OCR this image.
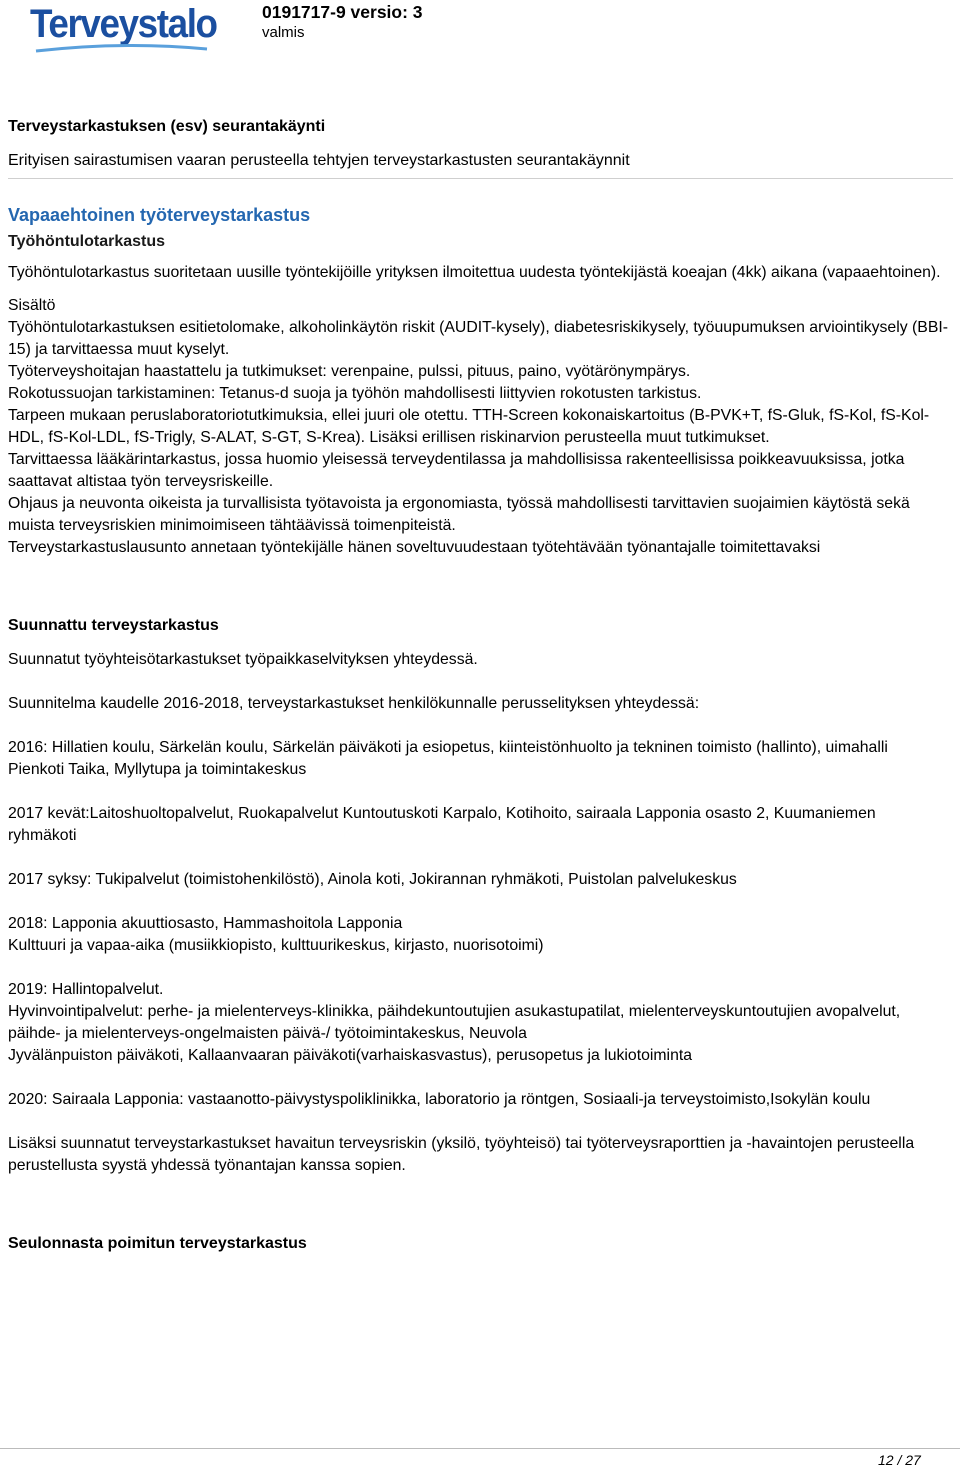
Terveystalo	0191717-9 versio: 3
valmis

Terveystarkastuksen (esv) seurantakäynti

Erityisen sairastumisen vaaran perusteella tehtyjen terveystarkastusten seurantakäynnit

Vapaaehtoinen työterveystarkastus

Työhöntulotarkastus

Työhöntulotarkastus suoritetaan uusille työntekijöille yrityksen ilmoitettua uudesta työntekijästä koeajan (4kk) aikana (vapaaehtoinen).

Sisältö

Työhöntulotarkastuksen esitietolomake, alkoholinkäytön riskit (AUDIT-kysely), diabetesriskikysely, työuupumuksen arviointikysely (BBI-15) ja tarvittaessa muut kyselyt.

Työterveyshoitajan haastattelu ja tutkimukset: verenpaine, pulssi, pituus, paino, vyötärönympärys.

Rokotussuojan tarkistaminen: Tetanus-d suoja ja työhön mahdollisesti liittyvien rokotusten tarkistus.

Tarpeen mukaan peruslaboratoriotutkimuksia, ellei juuri ole otettu. TTH-Screen kokonaiskartoitus (B-PVK+T, fS-Gluk, fS-Kol, fS-Kol-HDL, fS-Kol-LDL, fS-Trigly, S-ALAT, S-GT, S-Krea). Lisäksi erillisen riskinarvion perusteella muut tutkimukset.

Tarvittaessa lääkärintarkastus, jossa huomio yleisessä terveydentilassa ja mahdollisissa rakenteellisissa poikkeavuuksissa, jotka saattavat altistaa työn terveysriskeille.

Ohjaus ja neuvonta oikeista ja turvallisista työtavoista ja ergonomiasta, työssä mahdollisesti tarvittavien suojaimien käytöstä sekä muista terveysriskien minimoimiseen tähtäävissä toimenpiteistä.

Terveystarkastuslausunto annetaan työntekijälle hänen soveltuvuudestaan työtehtävään työnantajalle toimitettavaksi

Suunnattu terveystarkastus

Suunnatut työyhteisötarkastukset työpaikkaselvityksen yhteydessä.

Suunnitelma kaudelle 2016-2018, terveystarkastukset henkilökunnalle perusselityksen yhteydessä:

2016: Hillatien koulu, Särkelän koulu, Särkelän päiväkoti ja esiopetus, kiinteistönhuolto ja tekninen toimisto (hallinto), uimahalli

Pienkoti Taika, Myllytupa ja toimintakeskus

2017 kevät:Laitoshuoltopalvelut, Ruokapalvelut Kuntoutuskoti Karpalo, Kotihoito, sairaala Lapponia osasto 2, Kuumaniemen ryhmäkoti

2017 syksy: Tukipalvelut (toimistohenkilöstö), Ainola koti, Jokirannan ryhmäkoti, Puistolan palvelukeskus

2018: Lapponia akuuttiosasto, Hammashoitola Lapponia

Kulttuuri ja vapaa-aika (musiikkiopisto, kulttuurikeskus, kirjasto, nuorisotoimi)

2019: Hallintopalvelut.

Hyvinvointipalvelut: perhe- ja mielenterveys-klinikka, päihdekuntoutujien asukastupatilat, mielenterveyskuntoutujien avopalvelut, päihde- ja mielenterveys-ongelmaisten päivä-/ työtoimintakeskus, Neuvola

Jyvälänpuiston päiväkoti, Kallaanvaaran päiväkoti(varhaiskasvastus), perusopetus ja lukiotoiminta

2020: Sairaala Lapponia: vastaanotto-päivystyspoliklinikka, laboratorio ja röntgen, Sosiaali-ja terveystoimisto,Isokylän koulu

Lisäksi suunnatut terveystarkastukset havaitun terveysriskin (yksilö, työyhteisö) tai työterveysraporttien ja -havaintojen perusteella perustellusta syystä yhdessä työnantajan kanssa sopien.

Seulonnasta poimitun terveystarkastus

12 / 27
